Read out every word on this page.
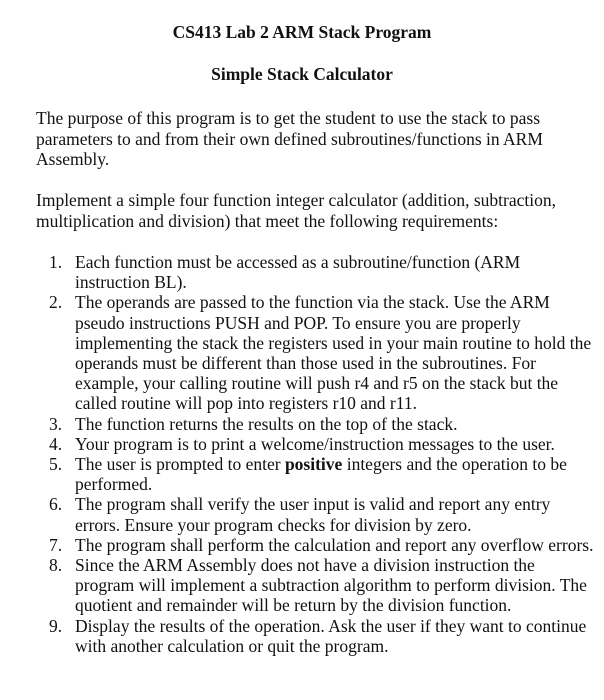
CS413 Lab 2 ARM Stack Program
Simple Stack Calculator

The purpose of this program is to get the student to use the stack to pass parameters to and from their own defined subroutines/functions in ARM Assembly.

Implement a simple four function integer calculator (addition, subtraction, multiplication and division) that meet the following requirements:

1. Each function must be accessed as a subroutine/function (ARM instruction BL).
2. The operands are passed to the function via the stack. Use the ARM pseudo instructions PUSH and POP. To ensure you are properly implementing the stack the registers used in your main routine to hold the operands must be different than those used in the subroutines. For example, your calling routine will push r4 and r5 on the stack but the called routine will pop into registers r10 and r11.
3. The function returns the results on the top of the stack.
4. Your program is to print a welcome/instruction messages to the user.
5. The user is prompted to enter positive integers and the operation to be performed.
6. The program shall verify the user input is valid and report any entry errors. Ensure your program checks for division by zero.
7. The program shall perform the calculation and report any overflow errors.
8. Since the ARM Assembly does not have a division instruction the program will implement a subtraction algorithm to perform division. The quotient and remainder will be return by the division function.
9. Display the results of the operation. Ask the user if they want to continue with another calculation or quit the program.
